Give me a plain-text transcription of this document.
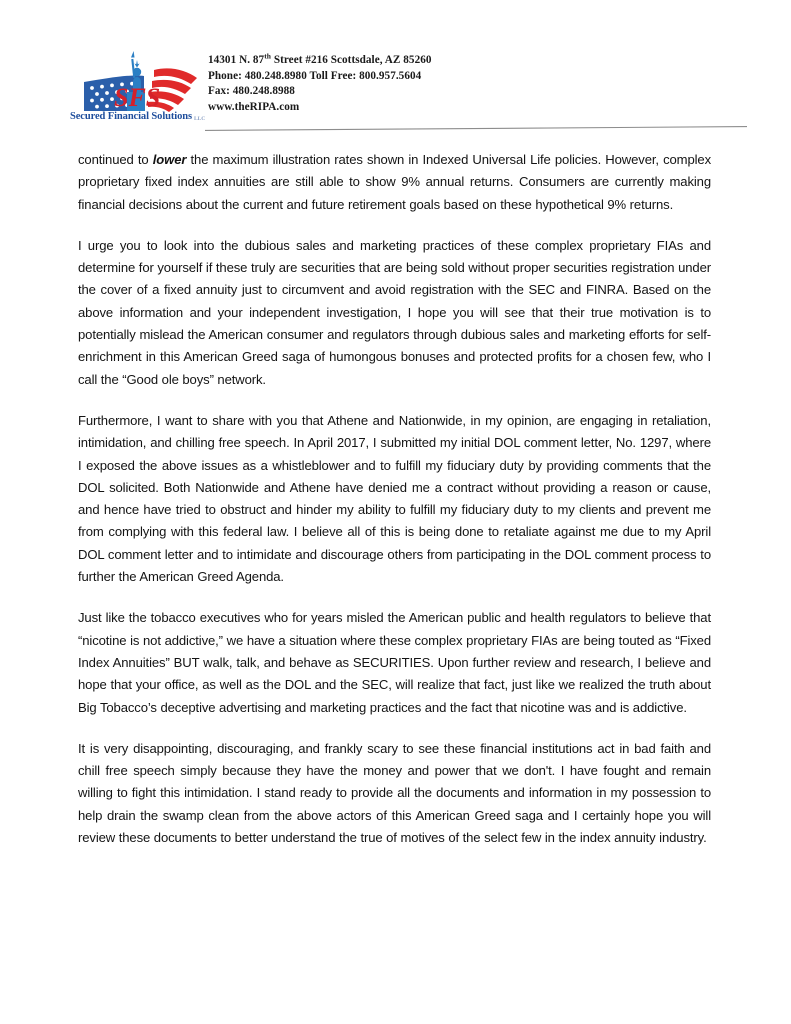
SFS
Secured Financial Solutions LLC
14301 N. 87th Street #216 Scottsdale, AZ 85260
Phone: 480.248.8980 Toll Free: 800.957.5604
Fax: 480.248.8988
www.theRIPA.com

continued to lower the maximum illustration rates shown in Indexed Universal Life policies. However, complex proprietary fixed index annuities are still able to show 9% annual returns. Consumers are currently making financial decisions about the current and future retirement goals based on these hypothetical 9% returns.

I urge you to look into the dubious sales and marketing practices of these complex proprietary FIAs and determine for yourself if these truly are securities that are being sold without proper securities registration under the cover of a fixed annuity just to circumvent and avoid registration with the SEC and FINRA. Based on the above information and your independent investigation, I hope you will see that their true motivation is to potentially mislead the American consumer and regulators through dubious sales and marketing efforts for self-enrichment in this American Greed saga of humongous bonuses and protected profits for a chosen few, who I call the “Good ole boys” network.

Furthermore, I want to share with you that Athene and Nationwide, in my opinion, are engaging in retaliation, intimidation, and chilling free speech. In April 2017, I submitted my initial DOL comment letter, No. 1297, where I exposed the above issues as a whistleblower and to fulfill my fiduciary duty by providing comments that the DOL solicited. Both Nationwide and Athene have denied me a contract without providing a reason or cause, and hence have tried to obstruct and hinder my ability to fulfill my fiduciary duty to my clients and prevent me from complying with this federal law. I believe all of this is being done to retaliate against me due to my April DOL comment letter and to intimidate and discourage others from participating in the DOL comment process to further the American Greed Agenda.

Just like the tobacco executives who for years misled the American public and health regulators to believe that “nicotine is not addictive,” we have a situation where these complex proprietary FIAs are being touted as “Fixed Index Annuities” BUT walk, talk, and behave as SECURITIES. Upon further review and research, I believe and hope that your office, as well as the DOL and the SEC, will realize that fact, just like we realized the truth about Big Tobacco’s deceptive advertising and marketing practices and the fact that nicotine was and is addictive.

It is very disappointing, discouraging, and frankly scary to see these financial institutions act in bad faith and chill free speech simply because they have the money and power that we don't. I have fought and remain willing to fight this intimidation. I stand ready to provide all the documents and information in my possession to help drain the swamp clean from the above actors of this American Greed saga and I certainly hope you will review these documents to better understand the true of motives of the select few in the index annuity industry.
